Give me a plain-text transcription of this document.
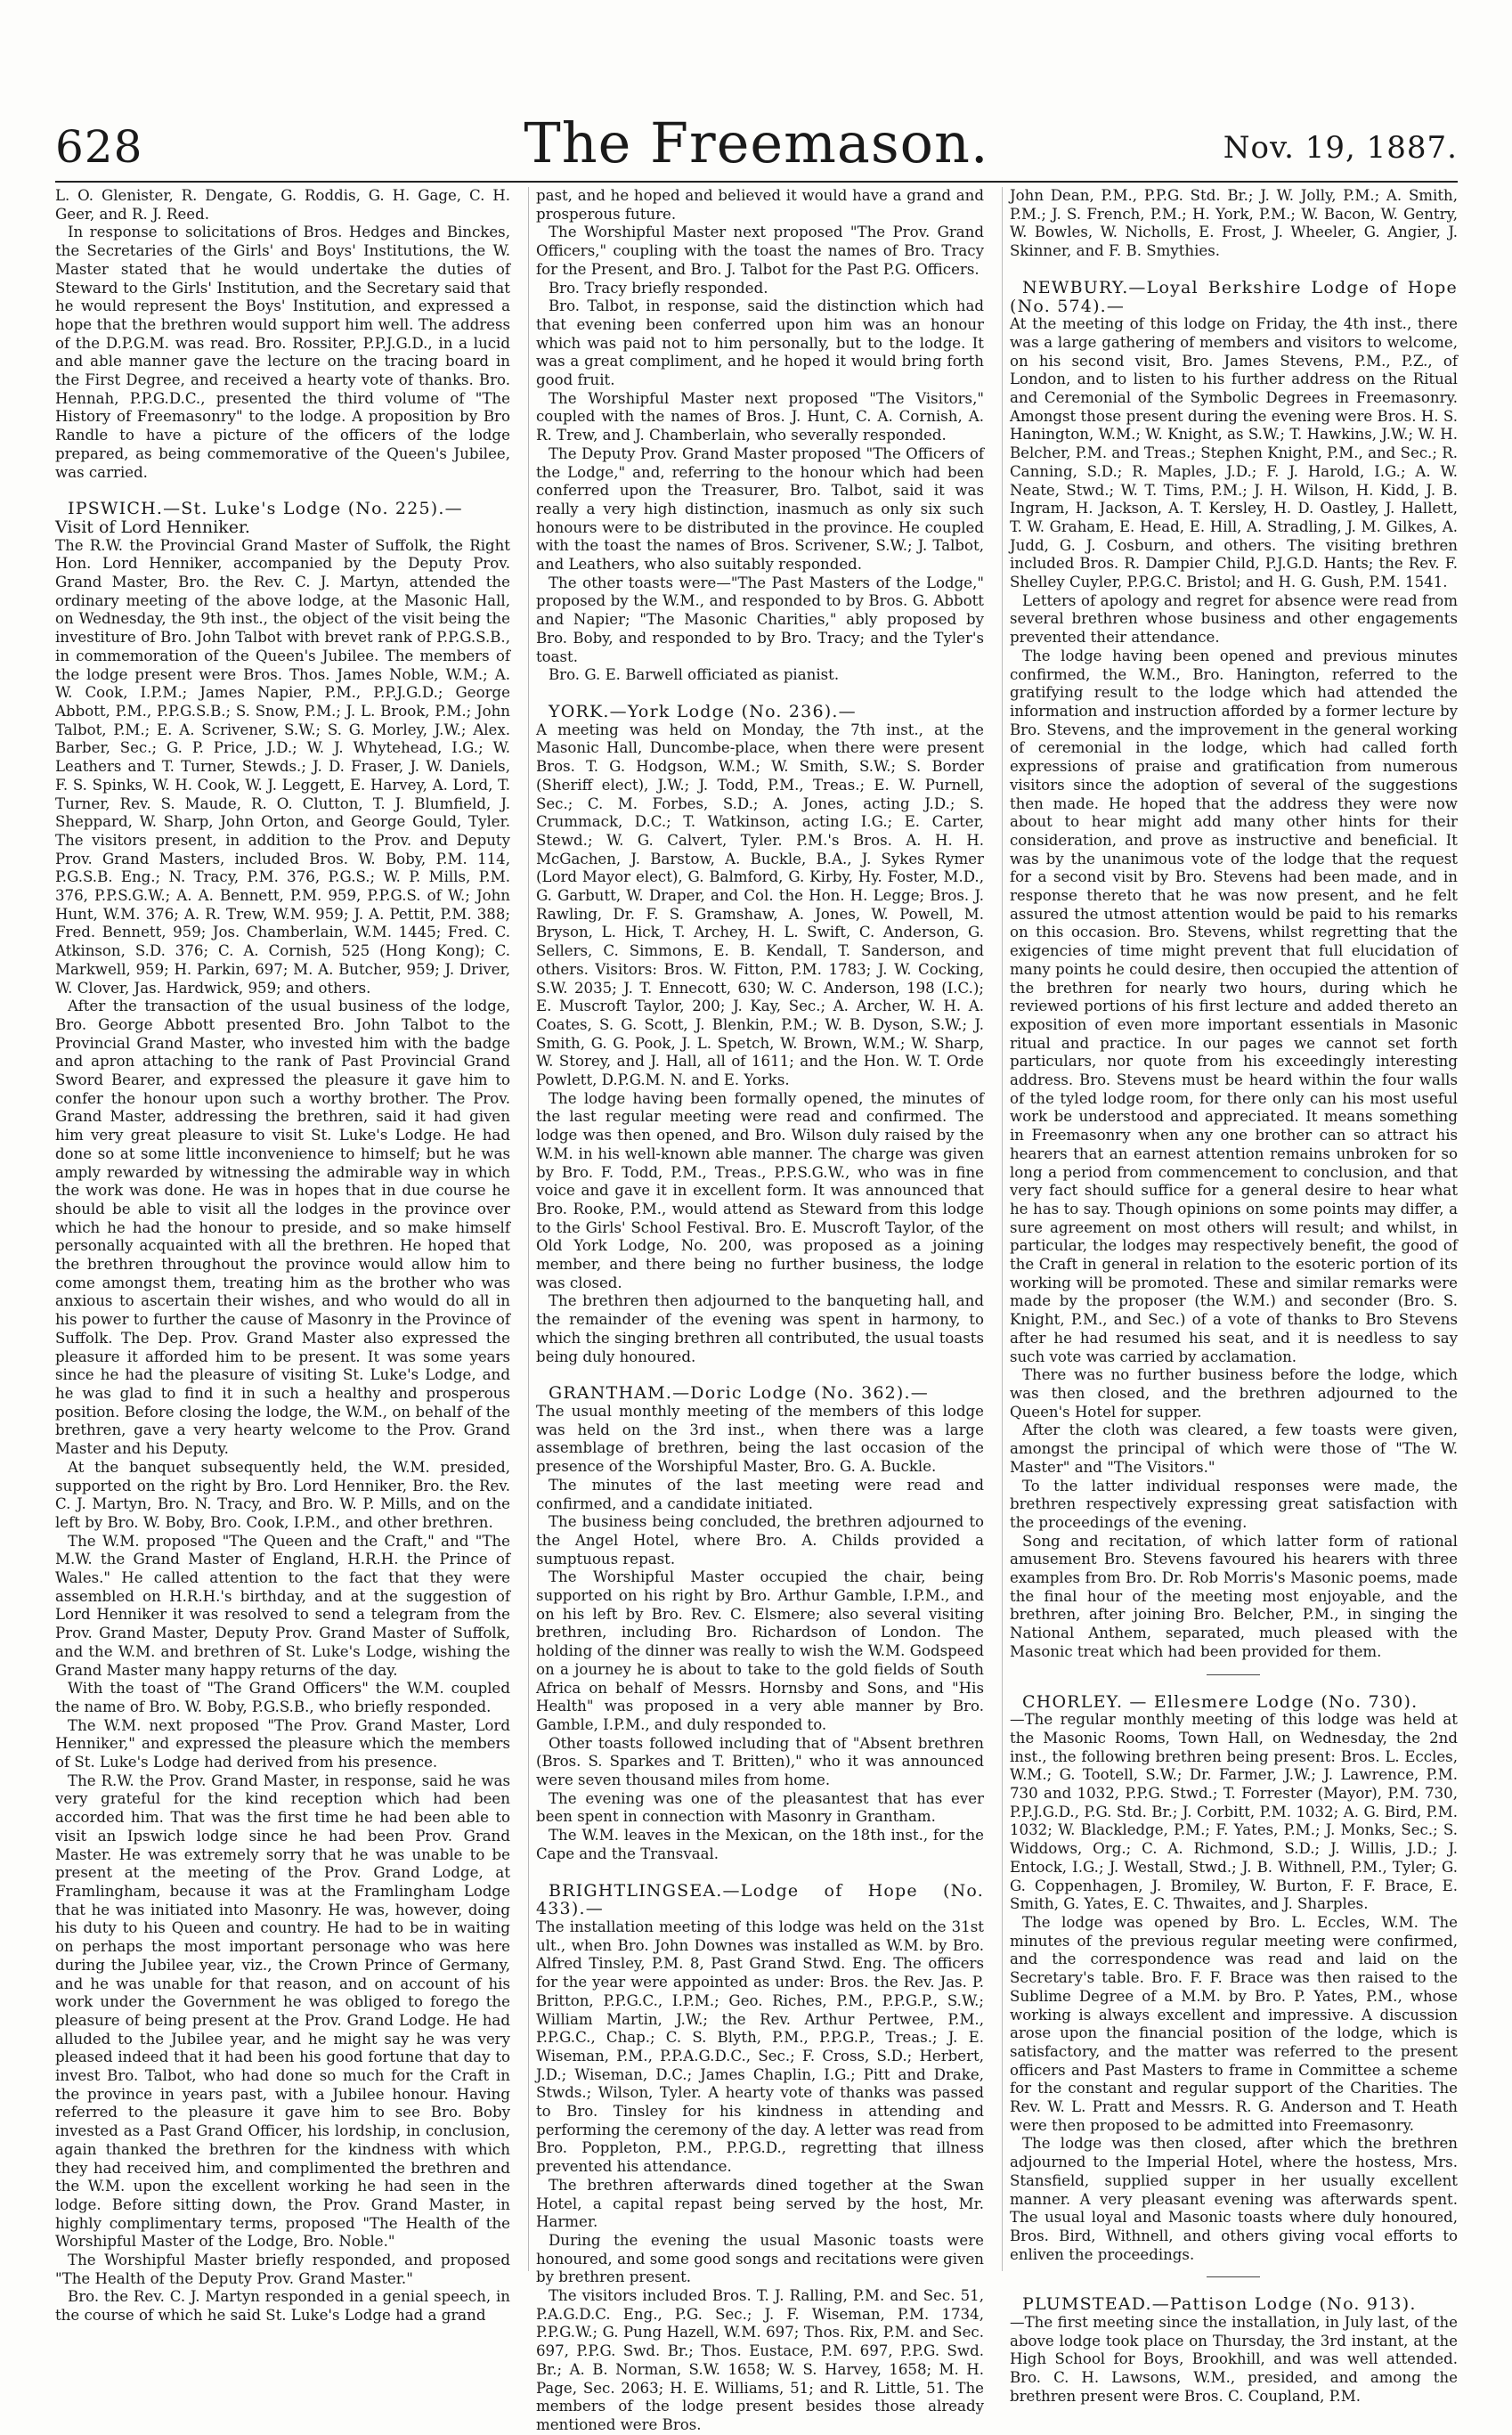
628	The Freemason.	Nov. 19, 1887.

L. O. Glenister, R. Dengate, G. Roddis, G. H. Gage, C. H. Geer, and R. J. Reed.

In response to solicitations of Bros. Hedges and Binckes, the Secretaries of the Girls' and Boys' Institutions, the W. Master stated that he would undertake the duties of Steward to the Girls' Institution, and the Secretary said that he would represent the Boys' Institution, and expressed a hope that the brethren would support him well. The address of the D.P.G.M. was read. Bro. Rossiter, P.P.J.G.D., in a lucid and able manner gave the lecture on the tracing board in the First Degree, and received a hearty vote of thanks. Bro. Hennah, P.P.G.D.C., presented the third volume of "The History of Freemasonry" to the lodge. A proposition by Bro Randle to have a picture of the officers of the lodge prepared, as being commemorative of the Queen's Jubilee, was carried.

IPSWICH.—St. Luke's Lodge (No. 225).—
Visit of Lord Henniker.

The R.W. the Provincial Grand Master of Suffolk, the Right Hon. Lord Henniker, accompanied by the Deputy Prov. Grand Master, Bro. the Rev. C. J. Martyn, attended the ordinary meeting of the above lodge, at the Masonic Hall, on Wednesday, the 9th inst., the object of the visit being the investiture of Bro. John Talbot with brevet rank of P.P.G.S.B., in commemoration of the Queen's Jubilee. The members of the lodge present were Bros. Thos. James Noble, W.M.; A. W. Cook, I.P.M.; James Napier, P.M., P.P.J.G.D.; George Abbott, P.M., P.P.G.S.B.; S. Snow, P.M.; J. L. Brook, P.M.; John Talbot, P.M.; E. A. Scrivener, S.W.; S. G. Morley, J.W.; Alex. Barber, Sec.; G. P. Price, J.D.; W. J. Whytehead, I.G.; W. Leathers and T. Turner, Stewds.; J. D. Fraser, J. W. Daniels, F. S. Spinks, W. H. Cook, W. J. Leggett, E. Harvey, A. Lord, T. Turner, Rev. S. Maude, R. O. Clutton, T. J. Blumfield, J. Sheppard, W. Sharp, John Orton, and George Gould, Tyler. The visitors present, in addition to the Prov. and Deputy Prov. Grand Masters, included Bros. W. Boby, P.M. 114, P.G.S.B. Eng.; N. Tracy, P.M. 376, P.G.S.; W. P. Mills, P.M. 376, P.P.S.G.W.; A. A. Bennett, P.M. 959, P.P.G.S. of W.; John Hunt, W.M. 376; A. R. Trew, W.M. 959; J. A. Pettit, P.M. 388; Fred. Bennett, 959; Jos. Chamberlain, W.M. 1445; Fred. C. Atkinson, S.D. 376; C. A. Cornish, 525 (Hong Kong); C. Markwell, 959; H. Parkin, 697; M. A. Butcher, 959; J. Driver, W. Clover, Jas. Hardwick, 959; and others.

After the transaction of the usual business of the lodge, Bro. George Abbott presented Bro. John Talbot to the Provincial Grand Master, who invested him with the badge and apron attaching to the rank of Past Provincial Grand Sword Bearer, and expressed the pleasure it gave him to confer the honour upon such a worthy brother. The Prov. Grand Master, addressing the brethren, said it had given him very great pleasure to visit St. Luke's Lodge. He had done so at some little inconvenience to himself; but he was amply rewarded by witnessing the admirable way in which the work was done. He was in hopes that in due course he should be able to visit all the lodges in the province over which he had the honour to preside, and so make himself personally acquainted with all the brethren. He hoped that the brethren throughout the province would allow him to come amongst them, treating him as the brother who was anxious to ascertain their wishes, and who would do all in his power to further the cause of Masonry in the Province of Suffolk. The Dep. Prov. Grand Master also expressed the pleasure it afforded him to be present. It was some years since he had the pleasure of visiting St. Luke's Lodge, and he was glad to find it in such a healthy and prosperous position. Before closing the lodge, the W.M., on behalf of the brethren, gave a very hearty welcome to the Prov. Grand Master and his Deputy.

At the banquet subsequently held, the W.M. presided, supported on the right by Bro. Lord Henniker, Bro. the Rev. C. J. Martyn, Bro. N. Tracy, and Bro. W. P. Mills, and on the left by Bro. W. Boby, Bro. Cook, I.P.M., and other brethren.

The W.M. proposed "The Queen and the Craft," and "The M.W. the Grand Master of England, H.R.H. the Prince of Wales." He called attention to the fact that they were assembled on H.R.H.'s birthday, and at the suggestion of Lord Henniker it was resolved to send a telegram from the Prov. Grand Master, Deputy Prov. Grand Master of Suffolk, and the W.M. and brethren of St. Luke's Lodge, wishing the Grand Master many happy returns of the day.

With the toast of "The Grand Officers" the W.M. coupled the name of Bro. W. Boby, P.G.S.B., who briefly responded.

The W.M. next proposed "The Prov. Grand Master, Lord Henniker," and expressed the pleasure which the members of St. Luke's Lodge had derived from his presence.

The R.W. the Prov. Grand Master, in response, said he was very grateful for the kind reception which had been accorded him. That was the first time he had been able to visit an Ipswich lodge since he had been Prov. Grand Master. He was extremely sorry that he was unable to be present at the meeting of the Prov. Grand Lodge, at Framlingham, because it was at the Framlingham Lodge that he was initiated into Masonry. He was, however, doing his duty to his Queen and country. He had to be in waiting on perhaps the most important personage who was here during the Jubilee year, viz., the Crown Prince of Germany, and he was unable for that reason, and on account of his work under the Government he was obliged to forego the pleasure of being present at the Prov. Grand Lodge. He had alluded to the Jubilee year, and he might say he was very pleased indeed that it had been his good fortune that day to invest Bro. Talbot, who had done so much for the Craft in the province in years past, with a Jubilee honour. Having referred to the pleasure it gave him to see Bro. Boby invested as a Past Grand Officer, his lordship, in conclusion, again thanked the brethren for the kindness with which they had received him, and complimented the brethren and the W.M. upon the excellent working he had seen in the lodge. Before sitting down, the Prov. Grand Master, in highly complimentary terms, proposed "The Health of the Worshipful Master of the Lodge, Bro. Noble."

The Worshipful Master briefly responded, and proposed "The Health of the Deputy Prov. Grand Master."

Bro. the Rev. C. J. Martyn responded in a genial speech, in the course of which he said St. Luke's Lodge had a grand

past, and he hoped and believed it would have a grand and prosperous future.

The Worshipful Master next proposed "The Prov. Grand Officers," coupling with the toast the names of Bro. Tracy for the Present, and Bro. J. Talbot for the Past P.G. Officers.

Bro. Tracy briefly responded.

Bro. Talbot, in response, said the distinction which had that evening been conferred upon him was an honour which was paid not to him personally, but to the lodge. It was a great compliment, and he hoped it would bring forth good fruit.

The Worshipful Master next proposed "The Visitors," coupled with the names of Bros. J. Hunt, C. A. Cornish, A. R. Trew, and J. Chamberlain, who severally responded.

The Deputy Prov. Grand Master proposed "The Officers of the Lodge," and, referring to the honour which had been conferred upon the Treasurer, Bro. Talbot, said it was really a very high distinction, inasmuch as only six such honours were to be distributed in the province. He coupled with the toast the names of Bros. Scrivener, S.W.; J. Talbot, and Leathers, who also suitably responded.

The other toasts were—"The Past Masters of the Lodge," proposed by the W.M., and responded to by Bros. G. Abbott and Napier; "The Masonic Charities," ably proposed by Bro. Boby, and responded to by Bro. Tracy; and the Tyler's toast.

Bro. G. E. Barwell officiated as pianist.

YORK.—York Lodge (No. 236).—

A meeting was held on Monday, the 7th inst., at the Masonic Hall, Duncombe-place, when there were present Bros. T. G. Hodgson, W.M.; W. Smith, S.W.; S. Border (Sheriff elect), J.W.; J. Todd, P.M., Treas.; E. W. Purnell, Sec.; C. M. Forbes, S.D.; A. Jones, acting J.D.; S. Crummack, D.C.; T. Watkinson, acting I.G.; E. Carter, Stewd.; W. G. Calvert, Tyler. P.M.'s Bros. A. H. H. McGachen, J. Barstow, A. Buckle, B.A., J. Sykes Rymer (Lord Mayor elect), G. Balmford, G. Kirby, Hy. Foster, M.D., G. Garbutt, W. Draper, and Col. the Hon. H. Legge; Bros. J. Rawling, Dr. F. S. Gramshaw, A. Jones, W. Powell, M. Bryson, L. Hick, T. Archey, H. L. Swift, C. Anderson, G. Sellers, C. Simmons, E. B. Kendall, T. Sanderson, and others. Visitors: Bros. W. Fitton, P.M. 1783; J. W. Cocking, S.W. 2035; J. T. Ennecott, 630; W. C. Anderson, 198 (I.C.); E. Muscroft Taylor, 200; J. Kay, Sec.; A. Archer, W. H. A. Coates, S. G. Scott, J. Blenkin, P.M.; W. B. Dyson, S.W.; J. Smith, G. G. Pook, J. L. Spetch, W. Brown, W.M.; W. Sharp, W. Storey, and J. Hall, all of 1611; and the Hon. W. T. Orde Powlett, D.P.G.M. N. and E. Yorks.

The lodge having been formally opened, the minutes of the last regular meeting were read and confirmed. The lodge was then opened, and Bro. Wilson duly raised by the W.M. in his well-known able manner. The charge was given by Bro. F. Todd, P.M., Treas., P.P.S.G.W., who was in fine voice and gave it in excellent form. It was announced that Bro. Rooke, P.M., would attend as Steward from this lodge to the Girls' School Festival. Bro. E. Muscroft Taylor, of the Old York Lodge, No. 200, was proposed as a joining member, and there being no further business, the lodge was closed.

The brethren then adjourned to the banqueting hall, and the remainder of the evening was spent in harmony, to which the singing brethren all contributed, the usual toasts being duly honoured.

GRANTHAM.—Doric Lodge (No. 362).—

The usual monthly meeting of the members of this lodge was held on the 3rd inst., when there was a large assemblage of brethren, being the last occasion of the presence of the Worshipful Master, Bro. G. A. Buckle.

The minutes of the last meeting were read and confirmed, and a candidate initiated.

The business being concluded, the brethren adjourned to the Angel Hotel, where Bro. A. Childs provided a sumptuous repast.

The Worshipful Master occupied the chair, being supported on his right by Bro. Arthur Gamble, I.P.M., and on his left by Bro. Rev. C. Elsmere; also several visiting brethren, including Bro. Richardson of London. The holding of the dinner was really to wish the W.M. Godspeed on a journey he is about to take to the gold fields of South Africa on behalf of Messrs. Hornsby and Sons, and "His Health" was proposed in a very able manner by Bro. Gamble, I.P.M., and duly responded to.

Other toasts followed including that of "Absent brethren (Bros. S. Sparkes and T. Britten)," who it was announced were seven thousand miles from home.

The evening was one of the pleasantest that has ever been spent in connection with Masonry in Grantham.

The W.M. leaves in the Mexican, on the 18th inst., for the Cape and the Transvaal.

BRIGHTLINGSEA.—Lodge of Hope (No. 433).—

The installation meeting of this lodge was held on the 31st ult., when Bro. John Downes was installed as W.M. by Bro. Alfred Tinsley, P.M. 8, Past Grand Stwd. Eng. The officers for the year were appointed as under: Bros. the Rev. Jas. P. Britton, P.P.G.C., I.P.M.; Geo. Riches, P.M., P.P.G.P., S.W.; William Martin, J.W.; the Rev. Arthur Pertwee, P.M., P.P.G.C., Chap.; C. S. Blyth, P.M., P.P.G.P., Treas.; J. E. Wiseman, P.M., P.P.A.G.D.C., Sec.; F. Cross, S.D.; Herbert, J.D.; Wiseman, D.C.; James Chaplin, I.G.; Pitt and Drake, Stwds.; Wilson, Tyler. A hearty vote of thanks was passed to Bro. Tinsley for his kindness in attending and performing the ceremony of the day. A letter was read from Bro. Poppleton, P.M., P.P.G.D., regretting that illness prevented his attendance.

The brethren afterwards dined together at the Swan Hotel, a capital repast being served by the host, Mr. Harmer.

During the evening the usual Masonic toasts were honoured, and some good songs and recitations were given by brethren present.

The visitors included Bros. T. J. Ralling, P.M. and Sec. 51, P.A.G.D.C. Eng., P.G. Sec.; J. F. Wiseman, P.M. 1734, P.P.G.W.; G. Pung Hazell, W.M. 697; Thos. Rix, P.M. and Sec. 697, P.P.G. Swd. Br.; Thos. Eustace, P.M. 697, P.P.G. Swd. Br.; A. B. Norman, S.W. 1658; W. S. Harvey, 1658; M. H. Page, Sec. 2063; H. E. Williams, 51; and R. Little, 51. The members of the lodge present besides those already mentioned were Bros.

John Dean, P.M., P.P.G. Std. Br.; J. W. Jolly, P.M.; A. Smith, P.M.; J. S. French, P.M.; H. York, P.M.; W. Bacon, W. Gentry, W. Bowles, W. Nicholls, E. Frost, J. Wheeler, G. Angier, J. Skinner, and F. B. Smythies.

NEWBURY.—Loyal Berkshire Lodge of Hope (No. 574).—

At the meeting of this lodge on Friday, the 4th inst., there was a large gathering of members and visitors to welcome, on his second visit, Bro. James Stevens, P.M., P.Z., of London, and to listen to his further address on the Ritual and Ceremonial of the Symbolic Degrees in Freemasonry. Amongst those present during the evening were Bros. H. S. Hanington, W.M.; W. Knight, as S.W.; T. Hawkins, J.W.; W. H. Belcher, P.M. and Treas.; Stephen Knight, P.M., and Sec.; R. Canning, S.D.; R. Maples, J.D.; F. J. Harold, I.G.; A. W. Neate, Stwd.; W. T. Tims, P.M.; J. H. Wilson, H. Kidd, J. B. Ingram, H. Jackson, A. T. Kersley, H. D. Oastley, J. Hallett, T. W. Graham, E. Head, E. Hill, A. Stradling, J. M. Gilkes, A. Judd, G. J. Cosburn, and others. The visiting brethren included Bros. R. Dampier Child, P.J.G.D. Hants; the Rev. F. Shelley Cuyler, P.P.G.C. Bristol; and H. G. Gush, P.M. 1541.

Letters of apology and regret for absence were read from several brethren whose business and other engagements prevented their attendance.

The lodge having been opened and previous minutes confirmed, the W.M., Bro. Hanington, referred to the gratifying result to the lodge which had attended the information and instruction afforded by a former lecture by Bro. Stevens, and the improvement in the general working of ceremonial in the lodge, which had called forth expressions of praise and gratification from numerous visitors since the adoption of several of the suggestions then made. He hoped that the address they were now about to hear might add many other hints for their consideration, and prove as instructive and beneficial. It was by the unanimous vote of the lodge that the request for a second visit by Bro. Stevens had been made, and in response thereto that he was now present, and he felt assured the utmost attention would be paid to his remarks on this occasion. Bro. Stevens, whilst regretting that the exigencies of time might prevent that full elucidation of many points he could desire, then occupied the attention of the brethren for nearly two hours, during which he reviewed portions of his first lecture and added thereto an exposition of even more important essentials in Masonic ritual and practice. In our pages we cannot set forth particulars, nor quote from his exceedingly interesting address. Bro. Stevens must be heard within the four walls of the tyled lodge room, for there only can his most useful work be understood and appreciated. It means something in Freemasonry when any one brother can so attract his hearers that an earnest attention remains unbroken for so long a period from commencement to conclusion, and that very fact should suffice for a general desire to hear what he has to say. Though opinions on some points may differ, a sure agreement on most others will result; and whilst, in particular, the lodges may respectively benefit, the good of the Craft in general in relation to the esoteric portion of its working will be promoted. These and similar remarks were made by the proposer (the W.M.) and seconder (Bro. S. Knight, P.M., and Sec.) of a vote of thanks to Bro Stevens after he had resumed his seat, and it is needless to say such vote was carried by acclamation.

There was no further business before the lodge, which was then closed, and the brethren adjourned to the Queen's Hotel for supper.

After the cloth was cleared, a few toasts were given, amongst the principal of which were those of "The W. Master" and "The Visitors."

To the latter individual responses were made, the brethren respectively expressing great satisfaction with the proceedings of the evening.

Song and recitation, of which latter form of rational amusement Bro. Stevens favoured his hearers with three examples from Bro. Dr. Rob Morris's Masonic poems, made the final hour of the meeting most enjoyable, and the brethren, after joining Bro. Belcher, P.M., in singing the National Anthem, separated, much pleased with the Masonic treat which had been provided for them.

CHORLEY. — Ellesmere Lodge (No. 730).

—The regular monthly meeting of this lodge was held at the Masonic Rooms, Town Hall, on Wednesday, the 2nd inst., the following brethren being present: Bros. L. Eccles, W.M.; G. Tootell, S.W.; Dr. Farmer, J.W.; J. Lawrence, P.M. 730 and 1032, P.P.G. Stwd.; T. Forrester (Mayor), P.M. 730, P.P.J.G.D., P.G. Std. Br.; J. Corbitt, P.M. 1032; A. G. Bird, P.M. 1032; W. Blackledge, P.M.; F. Yates, P.M.; J. Monks, Sec.; S. Widdows, Org.; C. A. Richmond, S.D.; J. Willis, J.D.; J. Entock, I.G.; J. Westall, Stwd.; J. B. Withnell, P.M., Tyler; G. G. Coppenhagen, J. Bromiley, W. Burton, F. F. Brace, E. Smith, G. Yates, E. C. Thwaites, and J. Sharples.

The lodge was opened by Bro. L. Eccles, W.M. The minutes of the previous regular meeting were confirmed, and the correspondence was read and laid on the Secretary's table. Bro. F. F. Brace was then raised to the Sublime Degree of a M.M. by Bro. P. Yates, P.M., whose working is always excellent and impressive. A discussion arose upon the financial position of the lodge, which is satisfactory, and the matter was referred to the present officers and Past Masters to frame in Committee a scheme for the constant and regular support of the Charities. The Rev. W. L. Pratt and Messrs. R. G. Anderson and T. Heath were then proposed to be admitted into Freemasonry.

The lodge was then closed, after which the brethren adjourned to the Imperial Hotel, where the hostess, Mrs. Stansfield, supplied supper in her usually excellent manner. A very pleasant evening was afterwards spent. The usual loyal and Masonic toasts where duly honoured, Bros. Bird, Withnell, and others giving vocal efforts to enliven the proceedings.

PLUMSTEAD.—Pattison Lodge (No. 913).

—The first meeting since the installation, in July last, of the above lodge took place on Thursday, the 3rd instant, at the High School for Boys, Brookhill, and was well attended. Bro. C. H. Lawsons, W.M., presided, and among the brethren present were Bros. C. Coupland, P.M.
